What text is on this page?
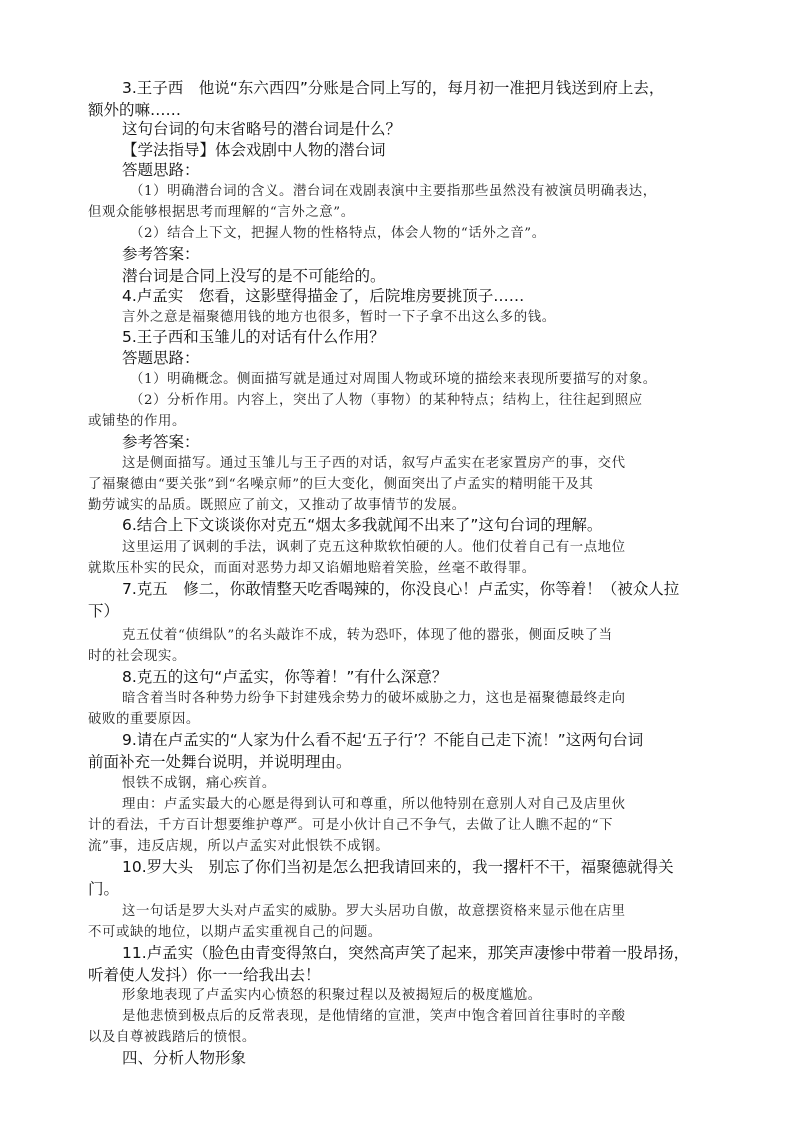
3.王子西　他说“东六西四”分账是合同上写的，每月初一准把月钱送到府上去，
额外的嘛……
这句台词的句末省略号的潜台词是什么？
【学法指导】体会戏剧中人物的潜台词
答题思路：
（1）明确潜台词的含义。潜台词在戏剧表演中主要指那些虽然没有被演员明确表达，
但观众能够根据思考而理解的“言外之意”。
（2）结合上下文，把握人物的性格特点，体会人物的“话外之音”。
参考答案：
潜台词是合同上没写的是不可能给的。
4.卢孟实　您看，这影壁得描金了，后院堆房要挑顶子……
言外之意是福聚德用钱的地方也很多，暂时一下子拿不出这么多的钱。
5.王子西和玉雏儿的对话有什么作用？
答题思路：
（1）明确概念。侧面描写就是通过对周围人物或环境的描绘来表现所要描写的对象。
（2）分析作用。内容上，突出了人物（事物）的某种特点；结构上，往往起到照应
或铺垫的作用。
参考答案：
这是侧面描写。通过玉雏儿与王子西的对话，叙写卢孟实在老家置房产的事，交代
了福聚德由“要关张”到“名噪京师”的巨大变化，侧面突出了卢孟实的精明能干及其
勤劳诚实的品质。既照应了前文，又推动了故事情节的发展。
6.结合上下文谈谈你对克五“烟太多我就闻不出来了”这句台词的理解。
这里运用了讽刺的手法，讽刺了克五这种欺软怕硬的人。他们仗着自己有一点地位
就欺压朴实的民众，而面对恶势力却又谄媚地赔着笑脸，丝毫不敢得罪。
7.克五　修二，你敢情整天吃香喝辣的，你没良心！卢孟实，你等着！（被众人拉
下）
克五仗着“侦缉队”的名头敲诈不成，转为恐吓，体现了他的嚣张，侧面反映了当
时的社会现实。
8.克五的这句“卢孟实，你等着！”有什么深意？
暗含着当时各种势力纷争下封建残余势力的破坏威胁之力，这也是福聚德最终走向
破败的重要原因。
9.请在卢孟实的“人家为什么看不起‘五子行’？不能自己走下流！”这两句台词
前面补充一处舞台说明，并说明理由。
恨铁不成钢，痛心疾首。
理由：卢孟实最大的心愿是得到认可和尊重，所以他特别在意别人对自己及店里伙
计的看法，千方百计想要维护尊严。可是小伙计自己不争气，去做了让人瞧不起的“下
流”事，违反店规，所以卢孟实对此恨铁不成钢。
10.罗大头　别忘了你们当初是怎么把我请回来的，我一撂杆不干，福聚德就得关
门。
这一句话是罗大头对卢孟实的威胁。罗大头居功自傲，故意摆资格来显示他在店里
不可或缺的地位，以期卢孟实重视自己的问题。
11.卢孟实（脸色由青变得煞白，突然高声笑了起来，那笑声凄惨中带着一股昂扬，
听着使人发抖）你一一给我出去！
形象地表现了卢孟实内心愤怒的积聚过程以及被揭短后的极度尴尬。
是他悲愤到极点后的反常表现，是他情绪的宣泄，笑声中饱含着回首往事时的辛酸
以及自尊被践踏后的愤恨。
四、分析人物形象
